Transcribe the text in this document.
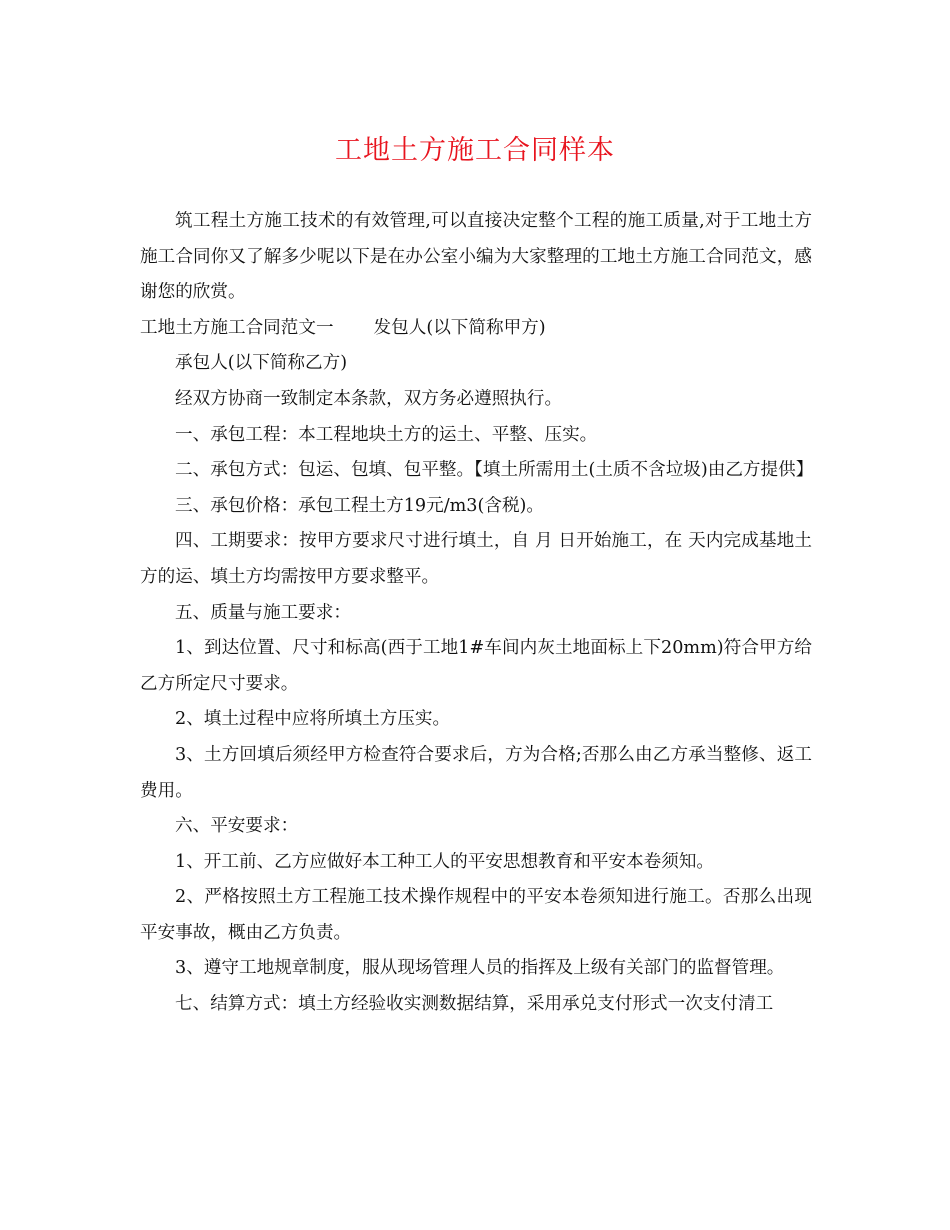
工地土方施工合同样本

筑工程土方施工技术的有效管理,可以直接决定整个工程的施工质量,对于工地土方施工合同你又了解多少呢以下是在办公室小编为大家整理的工地土方施工合同范文，感谢您的欣赏。

工地土方施工合同范文一 发包人(以下简称甲方)

承包人(以下简称乙方)

经双方协商一致制定本条款，双方务必遵照执行。

一、承包工程：本工程地块土方的运土、平整、压实。

二、承包方式：包运、包填、包平整。【填土所需用土(土质不含垃圾)由乙方提供】

三、承包价格：承包工程土方19元/m3(含税)。

四、工期要求：按甲方要求尺寸进行填土，自 月 日开始施工，在 天内完成基地土方的运、填土方均需按甲方要求整平。

五、质量与施工要求：

1、到达位置、尺寸和标高(西于工地1#车间内灰土地面标上下20mm)符合甲方给乙方所定尺寸要求。

2、填土过程中应将所填土方压实。

3、土方回填后须经甲方检查符合要求后，方为合格;否那么由乙方承当整修、返工费用。

六、平安要求：

1、开工前、乙方应做好本工种工人的平安思想教育和平安本卷须知。

2、严格按照土方工程施工技术操作规程中的平安本卷须知进行施工。否那么出现平安事故，概由乙方负责。

3、遵守工地规章制度，服从现场管理人员的指挥及上级有关部门的监督管理。

七、结算方式：填土方经验收实测数据结算，采用承兑支付形式一次支付清工
